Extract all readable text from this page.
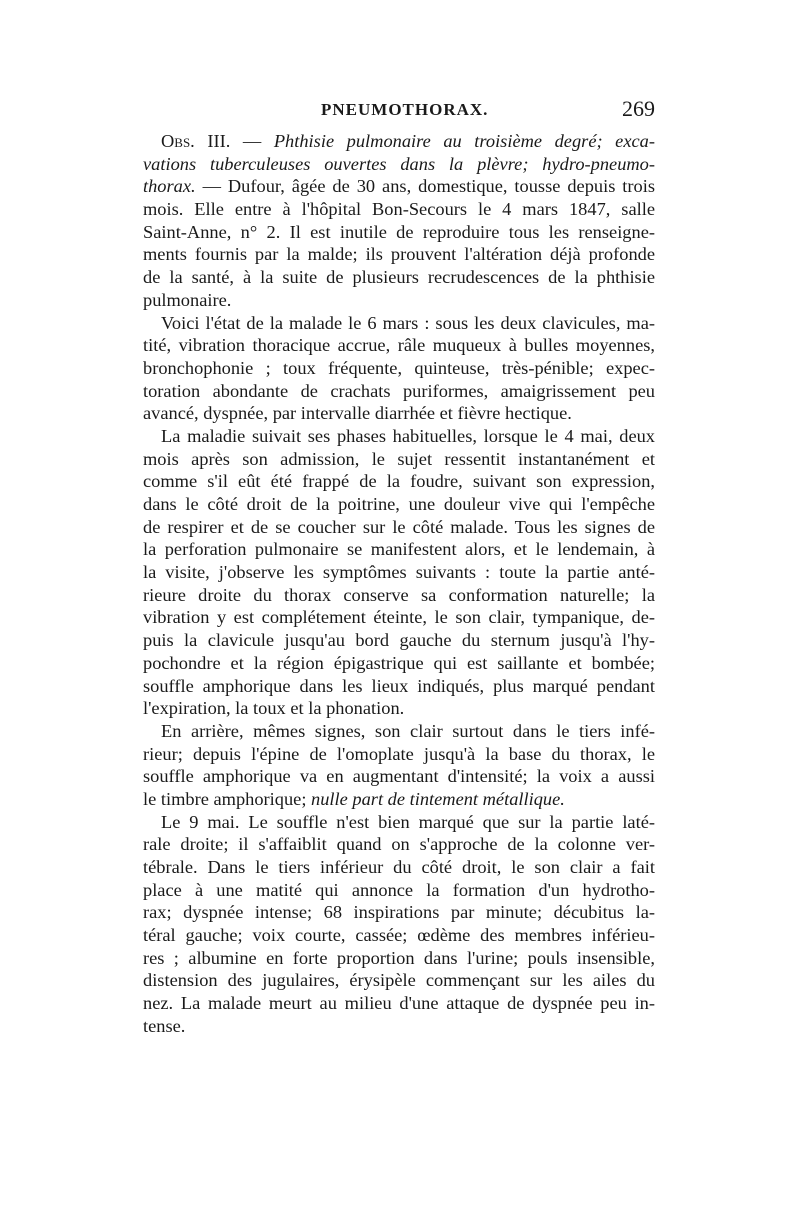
PNEUMOTHORAX.	269
Obs. III. — Phthisie pulmonaire au troisième degré; exca-
vations tuberculeuses ouvertes dans la plèvre; hydro-pneumo-
thorax. — Dufour, âgée de 30 ans, domestique, tousse depuis trois
mois. Elle entre à l'hôpital Bon-Secours le 4 mars 1847, salle
Saint-Anne, n° 2. Il est inutile de reproduire tous les renseigne-
ments fournis par la malde; ils prouvent l'altération déjà profonde
de la santé, à la suite de plusieurs recrudescences de la phthisie
pulmonaire.
Voici l'état de la malade le 6 mars : sous les deux clavicules, ma-
tité, vibration thoracique accrue, râle muqueux à bulles moyennes,
bronchophonie ; toux fréquente, quinteuse, très-pénible; expec-
toration abondante de crachats puriformes, amaigrissement peu
avancé, dyspnée, par intervalle diarrhée et fièvre hectique.
La maladie suivait ses phases habituelles, lorsque le 4 mai, deux
mois après son admission, le sujet ressentit instantanément et
comme s'il eût été frappé de la foudre, suivant son expression,
dans le côté droit de la poitrine, une douleur vive qui l'empêche
de respirer et de se coucher sur le côté malade. Tous les signes de
la perforation pulmonaire se manifestent alors, et le lendemain, à
la visite, j'observe les symptômes suivants : toute la partie anté-
rieure droite du thorax conserve sa conformation naturelle; la
vibration y est complétement éteinte, le son clair, tympanique, de-
puis la clavicule jusqu'au bord gauche du sternum jusqu'à l'hy-
pochondre et la région épigastrique qui est saillante et bombée;
souffle amphorique dans les lieux indiqués, plus marqué pendant
l'expiration, la toux et la phonation.
En arrière, mêmes signes, son clair surtout dans le tiers infé-
rieur; depuis l'épine de l'omoplate jusqu'à la base du thorax, le
souffle amphorique va en augmentant d'intensité; la voix a aussi
le timbre amphorique; nulle part de tintement métallique.
Le 9 mai. Le souffle n'est bien marqué que sur la partie laté-
rale droite; il s'affaiblit quand on s'approche de la colonne ver-
tébrale. Dans le tiers inférieur du côté droit, le son clair a fait
place à une matité qui annonce la formation d'un hydrotho-
rax; dyspnée intense; 68 inspirations par minute; décubitus la-
téral gauche; voix courte, cassée; œdème des membres inférieu-
res ; albumine en forte proportion dans l'urine; pouls insensible,
distension des jugulaires, érysipèle commençant sur les ailes du
nez. La malade meurt au milieu d'une attaque de dyspnée peu in-
tense.
